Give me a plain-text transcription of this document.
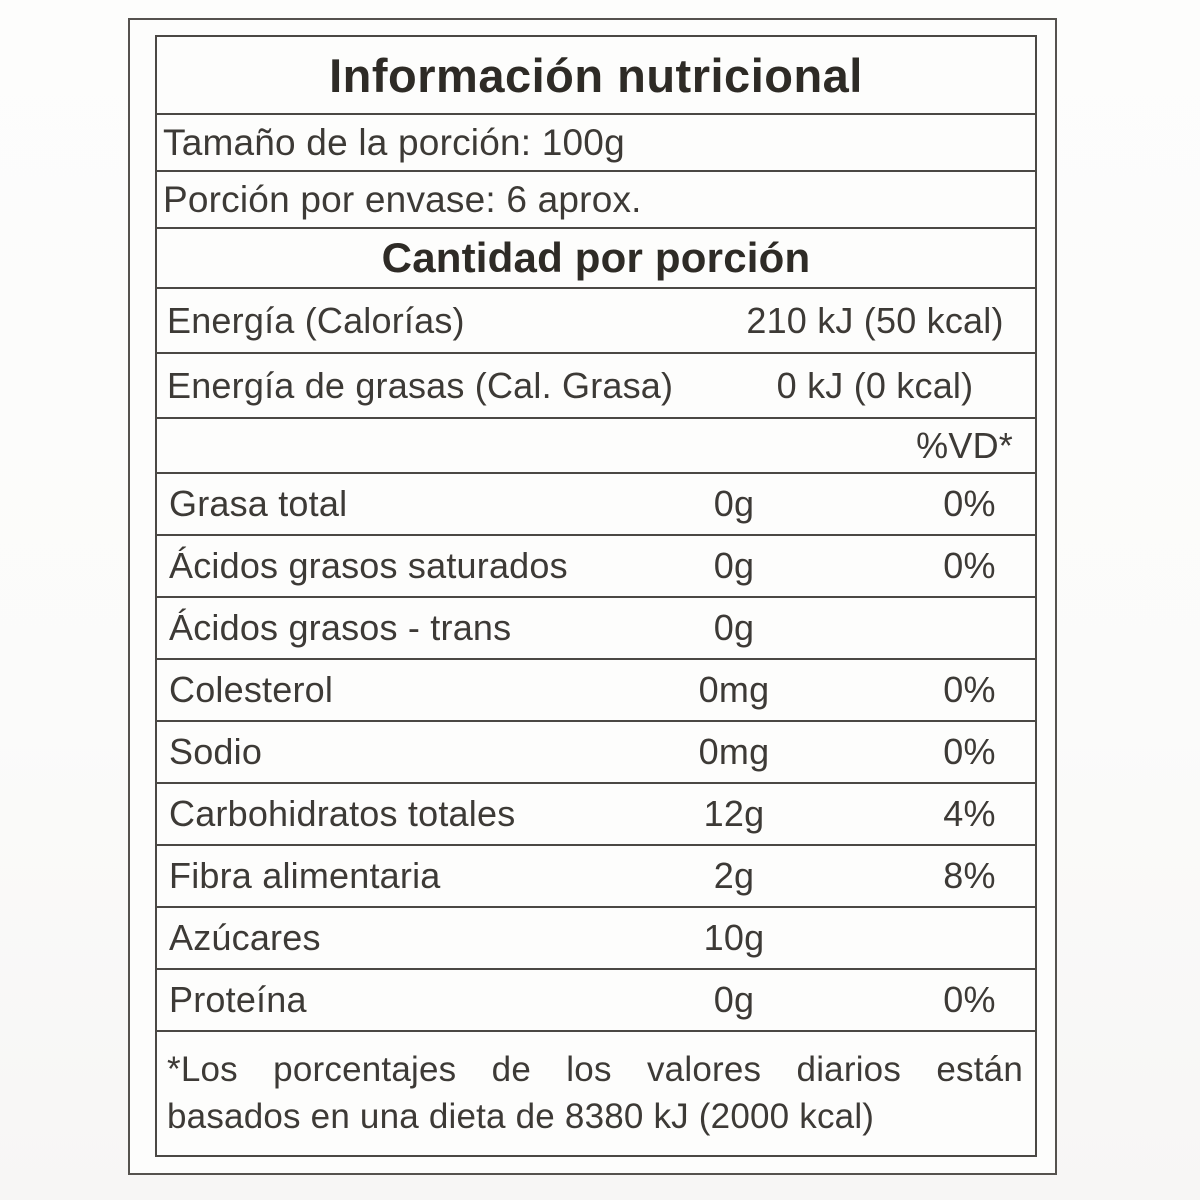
Información nutricional
Tamaño de la porción: 100g
Porción por envase: 6 aprox.
Cantidad por porción
Energía (Calorías)	210 kJ (50 kcal)
Energía de grasas (Cal. Grasa)	0 kJ (0 kcal)
%VD*
Grasa total	0g	0%
Ácidos grasos saturados	0g	0%
Ácidos grasos - trans	0g
Colesterol	0mg	0%
Sodio	0mg	0%
Carbohidratos totales	12g	4%
Fibra alimentaria	2g	8%
Azúcares	10g
Proteína	0g	0%
*Los porcentajes de los valores diarios están
basados en una dieta de 8380 kJ (2000 kcal)
